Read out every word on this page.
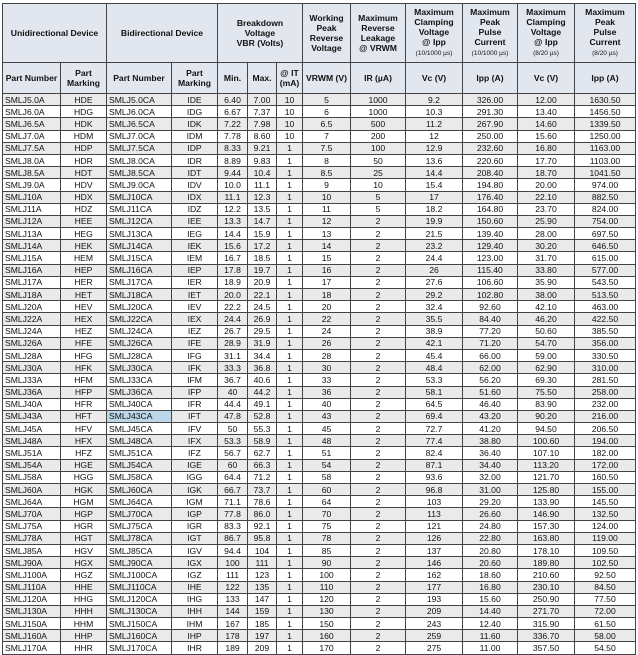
Unidirectional Device		Bidirectional Device		Breakdown
Voltage
VBR (Volts)			Working
Peak
Reverse
Voltage	Maximum
Reverse
Leakage
@ VRWM	Maximum
Clamping
Voltage
@ Ipp
(10/1000 µs)	Maximum
Peak
Pulse
Current
(10/1000 µs)	Maximum
Clamping
Voltage
@ Ipp
(8/20 µs)	Maximum
Peak
Pulse
Current
(8/20 µs)
Part Number	Part Marking	Part Number	Part Marking	Min.	Max.	@ IT (mA)	VRWM (V)	IR (µA)	Vc (V)	Ipp (A)	Vc (V)	Ipp (A)
SMLJ5.0A	HDE	SMLJ5.0CA	IDE	6.40	7.00	10	5	1000	9.2	326.00	12.00	1630.50
SMLJ6.0A	HDG	SMLJ6.0CA	IDG	6.67	7.37	10	6	1000	10.3	291.30	13.40	1456.50
SMLJ6.5A	HDK	SMLJ6.5CA	IDK	7.22	7.98	10	6.5	500	11.2	267.90	14.60	1339.50
SMLJ7.0A	HDM	SMLJ7.0CA	IDM	7.78	8.60	10	7	200	12	250.00	15.60	1250.00
SMLJ7.5A	HDP	SMLJ7.5CA	IDP	8.33	9.21	1	7.5	100	12.9	232.60	16.80	1163.00
SMLJ8.0A	HDR	SMLJ8.0CA	IDR	8.89	9.83	1	8	50	13.6	220.60	17.70	1103.00
SMLJ8.5A	HDT	SMLJ8.5CA	IDT	9.44	10.4	1	8.5	25	14.4	208.40	18.70	1041.50
SMLJ9.0A	HDV	SMLJ9.0CA	IDV	10.0	11.1	1	9	10	15.4	194.80	20.00	974.00
SMLJ10A	HDX	SMLJ10CA	IDX	11.1	12.3	1	10	5	17	176.40	22.10	882.50
SMLJ11A	HDZ	SMLJ11CA	IDZ	12.2	13.5	1	11	5	18.2	164.80	23.70	824.00
SMLJ12A	HEE	SMLJ12CA	IEE	13.3	14.7	1	12	2	19.9	150.60	25.90	754.00
SMLJ13A	HEG	SMLJ13CA	IEG	14.4	15.9	1	13	2	21.5	139.40	28.00	697.50
SMLJ14A	HEK	SMLJ14CA	IEK	15.6	17.2	1	14	2	23.2	129.40	30.20	646.50
SMLJ15A	HEM	SMLJ15CA	IEM	16.7	18.5	1	15	2	24.4	123.00	31.70	615.00
SMLJ16A	HEP	SMLJ16CA	IEP	17.8	19.7	1	16	2	26	115.40	33.80	577.00
SMLJ17A	HER	SMLJ17CA	IER	18.9	20.9	1	17	2	27.6	106.60	35.90	543.50
SMLJ18A	HET	SMLJ18CA	IET	20.0	22.1	1	18	2	29.2	102.80	38.00	513.50
SMLJ20A	HEV	SMLJ20CA	IEV	22.2	24.5	1	20	2	32.4	92.60	42.10	463.00
SMLJ22A	HEX	SMLJ22CA	IEX	24.4	26.9	1	22	2	35.5	84.40	46.20	422.50
SMLJ24A	HEZ	SMLJ24CA	IEZ	26.7	29.5	1	24	2	38.9	77.20	50.60	385.50
SMLJ26A	HFE	SMLJ26CA	IFE	28.9	31.9	1	26	2	42.1	71.20	54.70	356.00
SMLJ28A	HFG	SMLJ28CA	IFG	31.1	34.4	1	28	2	45.4	66.00	59.00	330.50
SMLJ30A	HFK	SMLJ30CA	IFK	33.3	36.8	1	30	2	48.4	62.00	62.90	310.00
SMLJ33A	HFM	SMLJ33CA	IFM	36.7	40.6	1	33	2	53.3	56.20	69.30	281.50
SMLJ36A	HFP	SMLJ36CA	IFP	40	44.2	1	36	2	58.1	51.60	75.50	258.00
SMLJ40A	HFR	SMLJ40CA	IFR	44.4	49.1	1	40	2	64.5	46.40	83.90	232.00
SMLJ43A	HFT	SMLJ43CA	IFT	47.8	52.8	1	43	2	69.4	43.20	90.20	216.00
SMLJ45A	HFV	SMLJ45CA	IFV	50	55.3	1	45	2	72.7	41.20	94.50	206.50
SMLJ48A	HFX	SMLJ48CA	IFX	53.3	58.9	1	48	2	77.4	38.80	100.60	194.00
SMLJ51A	HFZ	SMLJ51CA	IFZ	56.7	62.7	1	51	2	82.4	36.40	107.10	182.00
SMLJ54A	HGE	SMLJ54CA	IGE	60	66.3	1	54	2	87.1	34.40	113.20	172.00
SMLJ58A	HGG	SMLJ58CA	IGG	64.4	71.2	1	58	2	93.6	32.00	121.70	160.50
SMLJ60A	HGK	SMLJ60CA	IGK	66.7	73.7	1	60	2	96.8	31.00	125.80	155.00
SMLJ64A	HGM	SMLJ64CA	IGM	71.1	78.6	1	64	2	103	29.20	133.90	145.50
SMLJ70A	HGP	SMLJ70CA	IGP	77.8	86.0	1	70	2	113	26.60	146.90	132.50
SMLJ75A	HGR	SMLJ75CA	IGR	83.3	92.1	1	75	2	121	24.80	157.30	124.00
SMLJ78A	HGT	SMLJ78CA	IGT	86.7	95.8	1	78	2	126	22.80	163.80	119.00
SMLJ85A	HGV	SMLJ85CA	IGV	94.4	104	1	85	2	137	20.80	178.10	109.50
SMLJ90A	HGX	SMLJ90CA	IGX	100	111	1	90	2	146	20.60	189.80	102.50
SMLJ100A	HGZ	SMLJ100CA	IGZ	111	123	1	100	2	162	18.60	210.60	92.50
SMLJ110A	HHE	SMLJ110CA	IHE	122	135	1	110	2	177	16.80	230.10	84.50
SMLJ120A	HHG	SMLJ120CA	IHG	133	147	1	120	2	193	15.60	250.90	77.50
SMLJ130A	HHH	SMLJ130CA	IHH	144	159	1	130	2	209	14.40	271.70	72.00
SMLJ150A	HHM	SMLJ150CA	IHM	167	185	1	150	2	243	12.40	315.90	61.50
SMLJ160A	HHP	SMLJ160CA	IHP	178	197	1	160	2	259	11.60	336.70	58.00
SMLJ170A	HHR	SMLJ170CA	IHR	189	209	1	170	2	275	11.00	357.50	54.50
